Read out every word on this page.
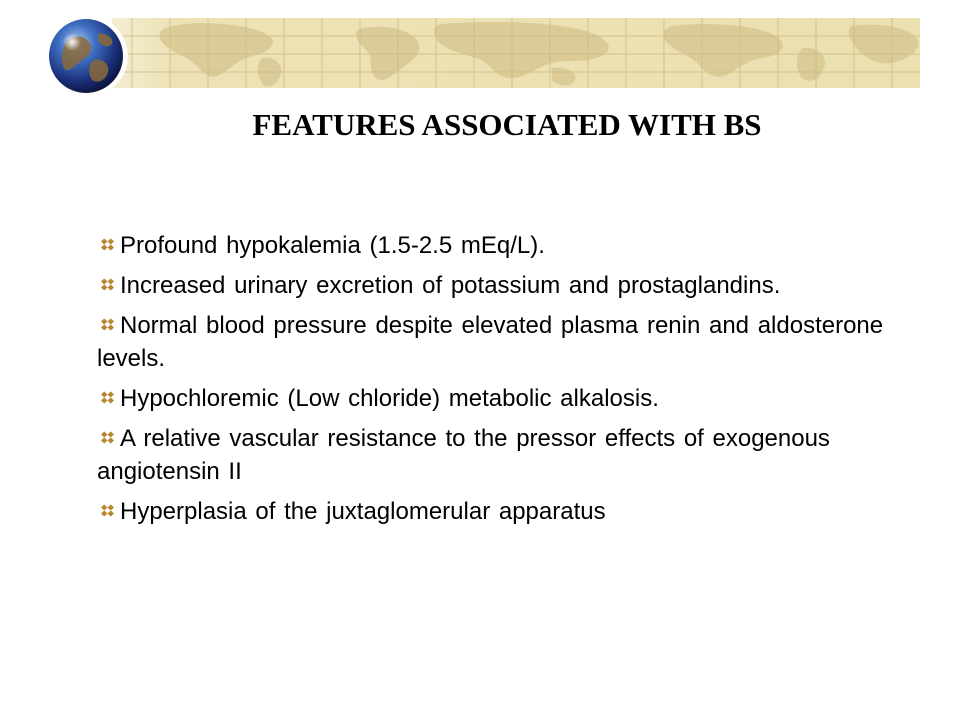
FEATURES ASSOCIATED WITH BS
Profound hypokalemia (1.5-2.5 mEq/L).
Increased urinary excretion of potassium and prostaglandins.
Normal blood pressure despite elevated plasma renin and aldosterone levels.
Hypochloremic (Low chloride) metabolic alkalosis.
A relative vascular resistance to the pressor effects of exogenous angiotensin II
Hyperplasia of the juxtaglomerular apparatus
